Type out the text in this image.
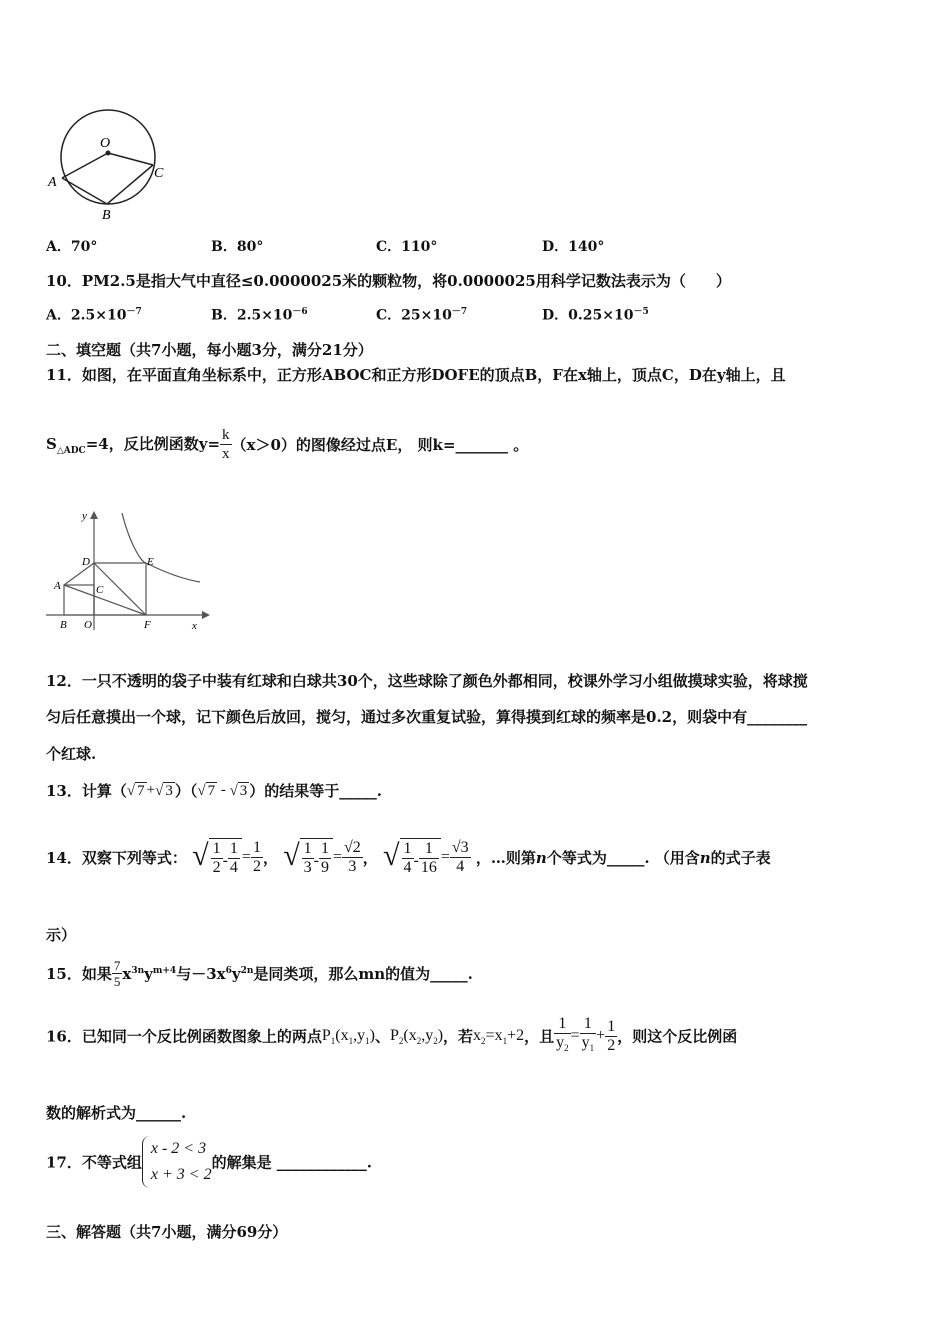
O
A
B
C
A．70°	B．80°	C．110°	D．140°
10．PM2.5是指大气中直径≤0.0000025米的颗粒物，将0.0000025用科学记数法表示为（　　）
A．$2.5\times 10^{-7}$	B．$2.5\times 10^{-6}$	C．$25\times 10^{-7}$	D．$0.25\times 10^{-5}$
二、填空题（共7小题，每小题3分，满分21分）
11．如图，在平面直角坐标系中，正方形ABOC和正方形DOFE的顶点B，F在x轴上，顶点C，D在y轴上，且
$S_{\triangle ADC}=4$，反比例函数$y= \frac{k}{x} (x>0)$的图像经过点E， 则k=_______ 。
y
x
D	E
A	C
B O	F
12．一只不透明的袋子中装有红球和白球共30个，这些球除了颜色外都相同，校课外学习小组做摸球实验，将球搅
匀后任意摸出一个球，记下颜色后放回，搅匀，通过多次重复试验，算得摸到红球的频率是0.2，则袋中有________
个红球.
13．计算（√ 7 +√ 3 ）（√ 7 - √ 3 ）的结果等于_____.
14．双察下列等式： √ $\frac{1}{2} - \frac{1}{4} = \frac{1}{2}$ ， √ $\frac{1}{3} - \frac{1}{9} = \frac{√2}{3}$ ， √ $\frac{1}{4} - \frac{1}{16} = \frac{√3}{4}$ ，…则第n个等式为_____. （用含n的式子表
示）
15．如果 $\frac{7}{5} x^{3n}y^{m+4}$与$-3x^6y^{2n}$是同类项，那么mn的值为_____.
16．已知同一个反比例函数图象上的两点$P_1(x_1,y_1)$、$P_2(x_2,y_2)$，若$x_2=x_1+2$，且 $\frac{1}{y_2} = \frac{1}{y_1} + \frac{1}{2}$ ，则这个反比例函
数的解析式为______.
17．不等式组
x - 2 < 3
x + 3 < 2
的解集是 ____________.
三、解答题（共7小题，满分69分）
